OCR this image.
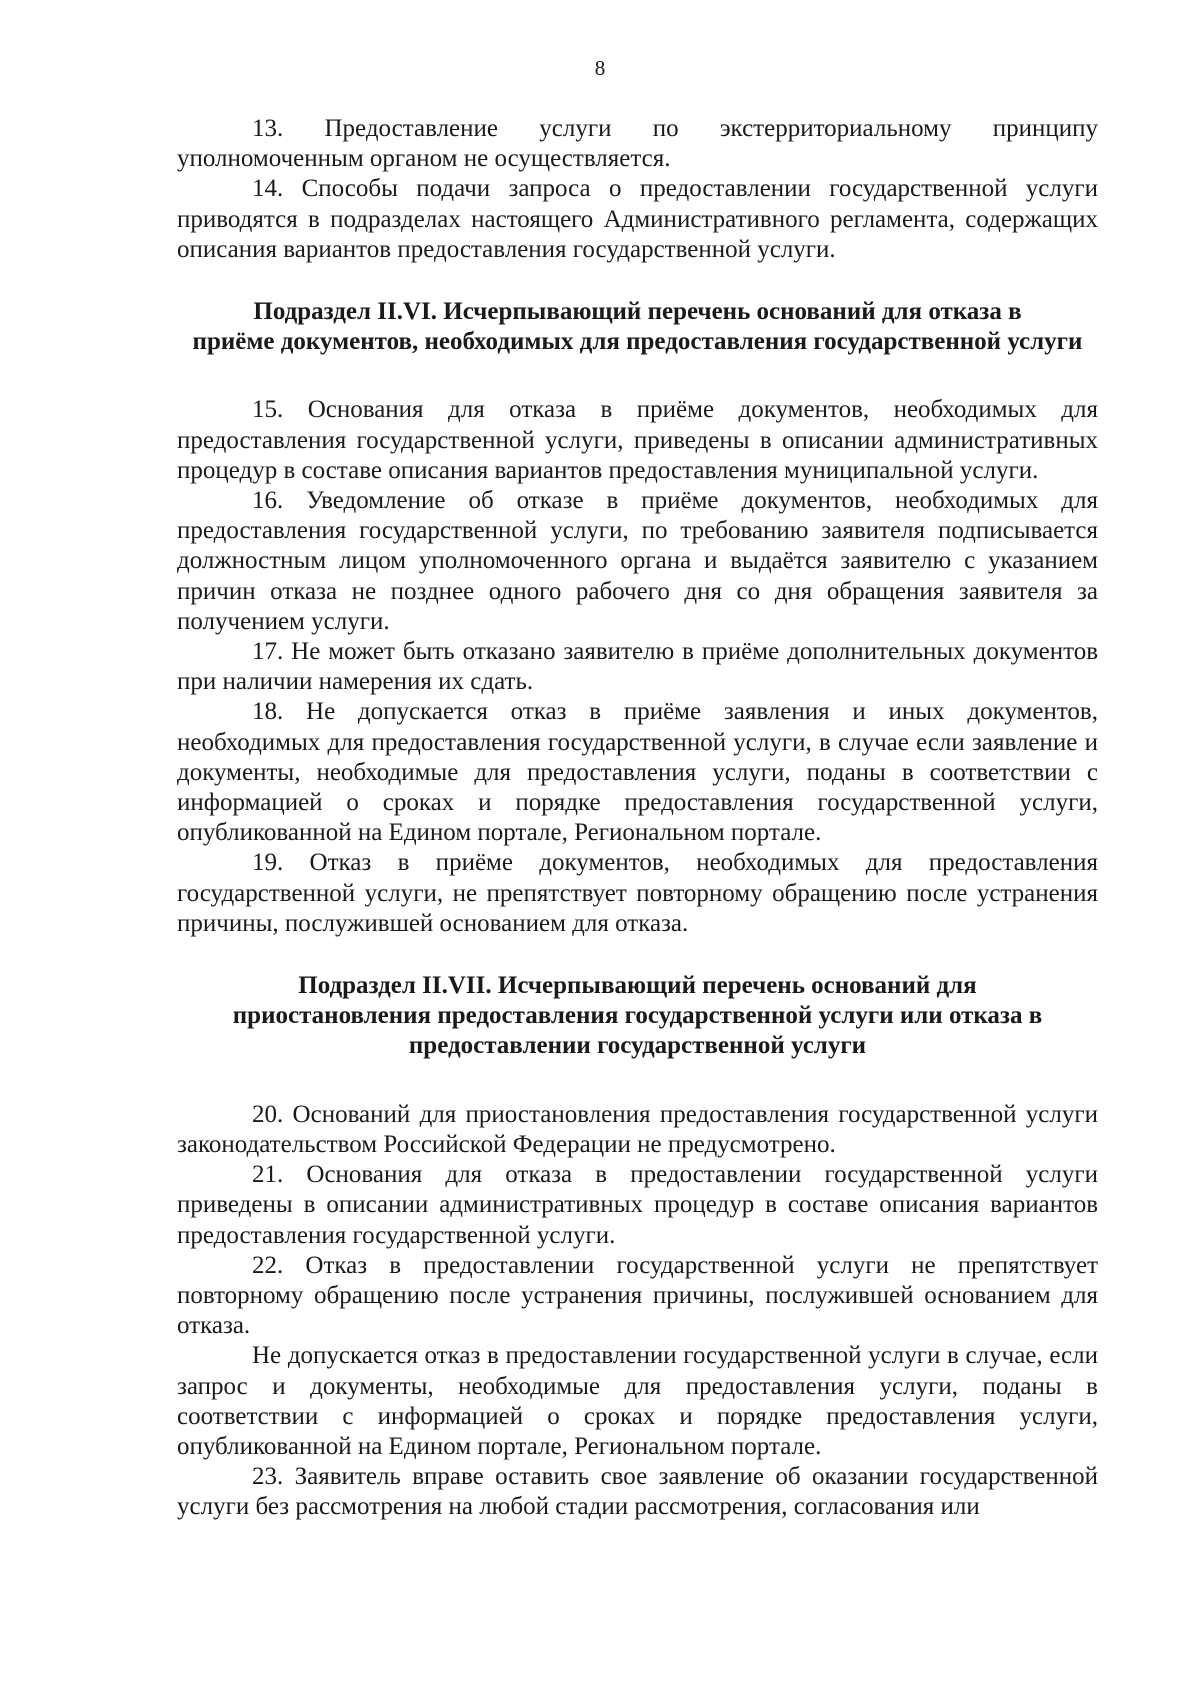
8

13. Предоставление услуги по экстерриториальному принципу уполномоченным органом не осуществляется.

14. Способы подачи запроса о предоставлении государственной услуги приводятся в подразделах настоящего Административного регламента, содержащих описания вариантов предоставления государственной услуги.

Подраздел II.VI. Исчерпывающий перечень оснований для отказа в
приёме документов, необходимых для предоставления государственной услуги

15. Основания для отказа в приёме документов, необходимых для предоставления государственной услуги, приведены в описании административных процедур в составе описания вариантов предоставления муниципальной услуги.

16. Уведомление об отказе в приёме документов, необходимых для предоставления государственной услуги, по требованию заявителя подписывается должностным лицом уполномоченного органа и выдаётся заявителю с указанием причин отказа не позднее одного рабочего дня со дня обращения заявителя за получением услуги.

17. Не может быть отказано заявителю в приёме дополнительных документов при наличии намерения их сдать.

18. Не допускается отказ в приёме заявления и иных документов, необходимых для предоставления государственной услуги, в случае если заявление и документы, необходимые для предоставления услуги, поданы в соответствии с информацией о сроках и порядке предоставления государственной услуги, опубликованной на Едином портале, Региональном портале.

19. Отказ в приёме документов, необходимых для предоставления государственной услуги, не препятствует повторному обращению после устранения причины, послужившей основанием для отказа.

Подраздел II.VII. Исчерпывающий перечень оснований для
приостановления предоставления государственной услуги или отказа в
предоставлении государственной услуги

20. Оснований для приостановления предоставления государственной услуги законодательством Российской Федерации не предусмотрено.

21. Основания для отказа в предоставлении государственной услуги приведены в описании административных процедур в составе описания вариантов предоставления государственной услуги.

22. Отказ в предоставлении государственной услуги не препятствует повторному обращению после устранения причины, послужившей основанием для отказа.

Не допускается отказ в предоставлении государственной услуги в случае, если запрос и документы, необходимые для предоставления услуги, поданы в соответствии с информацией о сроках и порядке предоставления услуги, опубликованной на Едином портале, Региональном портале.

23. Заявитель вправе оставить свое заявление об оказании государственной услуги без рассмотрения на любой стадии рассмотрения, согласования или
